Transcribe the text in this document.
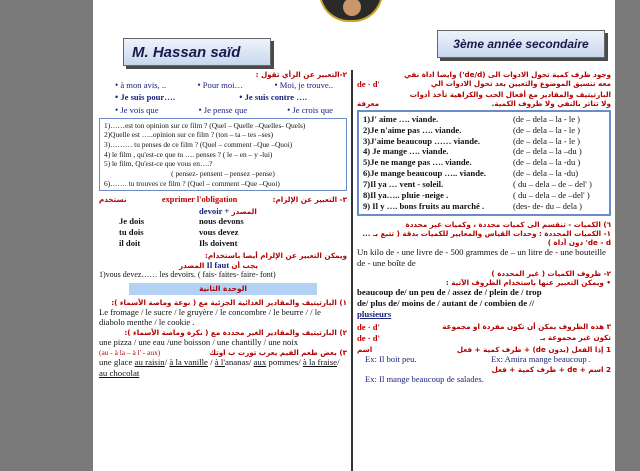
M. Hassan saïd	3ème année secondaire
٢-التعبير عن الرأي تقول :
• à mon avis, ..	• Pour moi…	• Moi, je trouve..
• Je suis pour….	• Je suis contre ….
• Je vois que	• Je pense que	• Je crois que
1)……est ton opinion sur ce film ? (Quel – Quelle –Quelles- Quels)
2)Quelle est …..opinion sur ce film ? (ton – ta – tes –ses)
3)……… tu penses de ce film ? (Quel – comment –Que –Quoi)
4) le film , qu'est-ce que tu …. penses ? ( le – en – y -lui)
5) le film, Qu'est-ce que vous en….?
( pensez- pensent – pensez –pense)
6)……. tu trouves ce film ? (Quel – comment –Que –Quoi)
نستخدم	exprimer l'obligation	٣- التعبير عن الإلزام:
devoir + المصدر
Je dois	nous devons
tu dois	vous devez
il doit	Ils doivent
ويمكن التعبير عن الإلزام أيضا باستخدام:
المصدر Il faut يجب أن
1)vous devez…… les devoirs. ( fais- faites- faire- font)
الوحدة الثانية
١) البارتيتيف والمقادير الغذائية الجزئية مع ( نوعة وماصة الأسماء ):
Le fromage / le sucre / le gruyère / le concombre / le beurre / / le diabolo menthe / le cookie .
٢) البارتيتيف والمقادير الغير محددة مع ( نكرة وماصة الأسماء ):
une pizza / une eau /une boisson / une chantilly / une noix
(au - à la – à l' - aux)	٣) بعض طعم الفيم يعرب تورت ب اوتك
une glace au raisin/ à la vanille / à l'ananas/ aux pommes/ à la fraise/ au chocolat
وجود ظرف كمية تحول الادوات الى (de/d') وايضا اداة نفي
de · d'	معه تنسيق الموضوع والتعيين بعد تحول الادوات الي
البارتيتيف والمقادير مع أفعال الحب والكراهية تأخذ أدوات
معرفة	ولا تتاثر بالنفي ولا ظروف الكمية.
1)J' aime …. viande.	(de – dela – la - le )
2)Je n'aime pas …. viande.	(de – dela – la - le )
3)J'aime beaucoup …… viande.	(de – dela – la - le )
4) Je mange …. viande.	(de – dela – la –du )
5)Je ne mange pas …. viande.	(de – dela – la -du )
6)Je mange beaucoup ….. viande.	(de – dela – la -du)
7)Il ya … vent - soleil.	( du – dela – de – del' )
8)Il ya….. pluie -neige .	( du – dela – de –del' )
9) Il y …. bons fruits au marché .	(des- de- du – dela )
٦) الكميات - تنقسم الى كميات محددة ، وكميات غير محددة
١- الكميات المحددة : وحدات القياس والمعايير للكميات بدقة ( تتبع بـ ... de - d' دون أداة )
Un kilo de - une livre de - 500 grammes de – un litre de - une bouteille de - une boîte de
٢- ظروف الكميات ( غير المحددة )
• ويمكن التعبير عنها باستخدام الظروف الآتية :
beaucoup de/ un peu de / assez de / plein de / trop
de/ plus de/ moins de / autant de / combien de //
plusieurs
de · d'	٣ هذه الظروف يمكن أن تكون مفردة او مجموعة
de · d'	تكون غير مجموعة بـ
اسم	1 إذا الفعل (بدون de) + ظرف كمية + فعل
Ex: Il boit peu.	Ex: Amira mange beaucoup .
2 اسم + de + ظرف كمية + فعل
Ex: Il mange beaucoup de salades.
